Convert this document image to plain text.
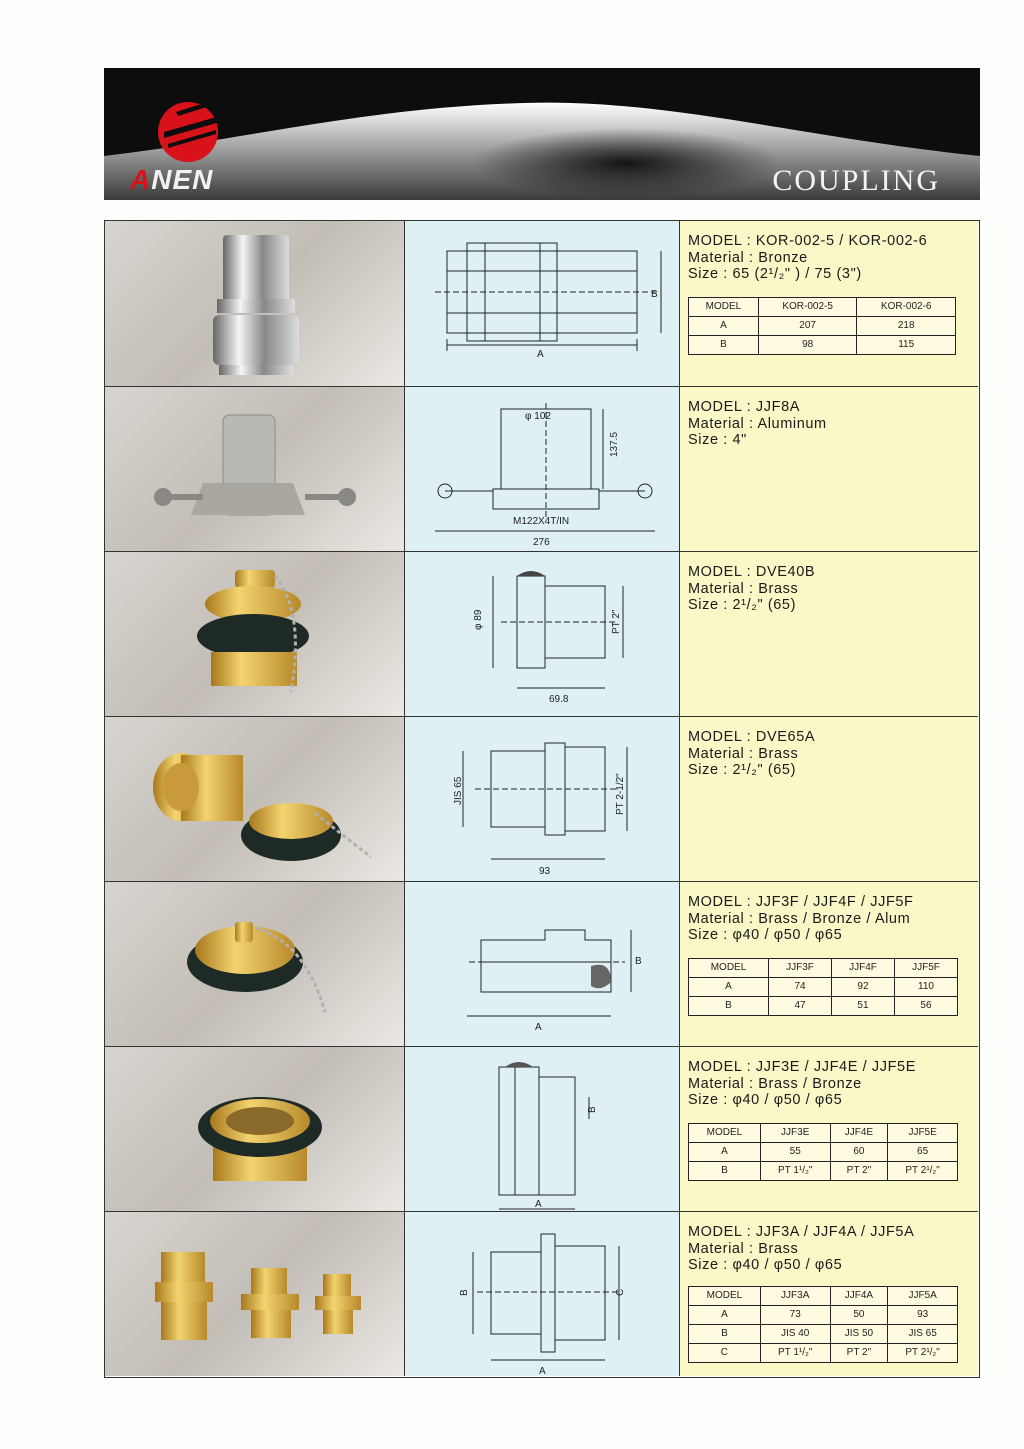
ANEN	COUPLING
A
B
MODEL : KOR-002-5 / KOR-002-6
Material : Bronze
Size : 65 (2¹/₂" ) / 75 (3")
MODEL	KOR-002-5	KOR-002-6
A	207	218
B	98	115
φ 102
137.5
M122X4T/IN
276
MODEL : JJF8A
Material : Aluminum
Size : 4"
φ 89	PT 2"
69.8
MODEL : DVE40B
Material : Brass
Size : 2¹/₂" (65)
JIS 65	PT 2-1/2"
93
MODEL : DVE65A
Material : Brass
Size : 2¹/₂" (65)
A
B
MODEL : JJF3F / JJF4F / JJF5F
Material : Brass / Bronze / Alum
Size : φ40 / φ50 / φ65
MODEL	JJF3F	JJF4F	JJF5F
A	74	92	110
B	47	51	56
A
B
MODEL : JJF3E / JJF4E / JJF5E
Material : Brass / Bronze
Size : φ40 / φ50 / φ65
MODEL	JJF3E	JJF4E	JJF5E
A	55	60	65
B	PT 1¹/₂"	PT 2"	PT 2¹/₂"
A
B	C
MODEL : JJF3A / JJF4A / JJF5A
Material : Brass
Size : φ40 / φ50 / φ65
MODEL	JJF3A	JJF4A	JJF5A
A	73	50	93
B	JIS 40	JIS 50	JIS 65
C	PT 1¹/₂"	PT 2"	PT 2¹/₂"
